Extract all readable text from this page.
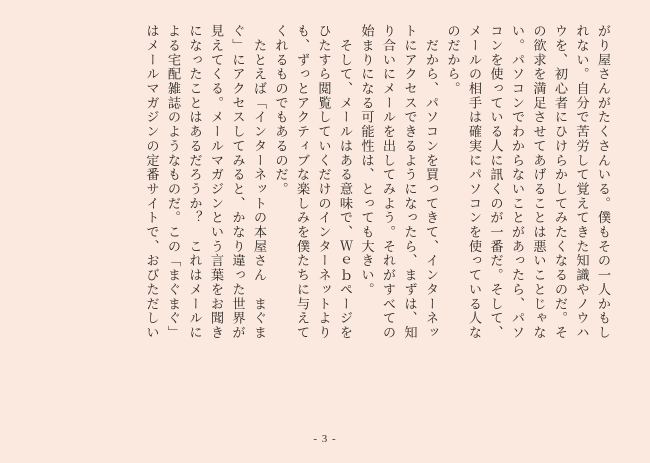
がり屋さんがたくさんいる。僕もその一人かもし
れない。自分で苦労して覚えてきた知識やノウハ
ウを、初心者にひけらかしてみたくなるのだ。そ
の欲求を満足させてあげることは悪いことじゃな
い。パソコンでわからないことがあったら、パソ
コンを使っている人に訊くのが一番だ。そして、
メールの相手は確実にパソコンを使っている人な
のだから。
　だから、パソコンを買ってきて、インターネッ
トにアクセスできるようになったら、まずは、知
り合いにメールを出してみよう。それがすべての
始まりになる可能性は、とっても大きい。
　そして、メールはある意味で、Ｗｅｂページを
ひたすら閲覧していくだけのインターネットより
も、ずっとアクティブな楽しみを僕たちに与えて
くれるものでもあるのだ。
　たとえば「インターネットの本屋さん　まぐま
ぐ」にアクセスしてみると、かなり違った世界が
見えてくる。メールマガジンという言葉をお聞き
になったことはあるだろうか？　これはメールに
よる宅配雑誌のようなものだ。この「まぐまぐ」
はメールマガジンの定番サイトで、おびただしい
- 3 -
